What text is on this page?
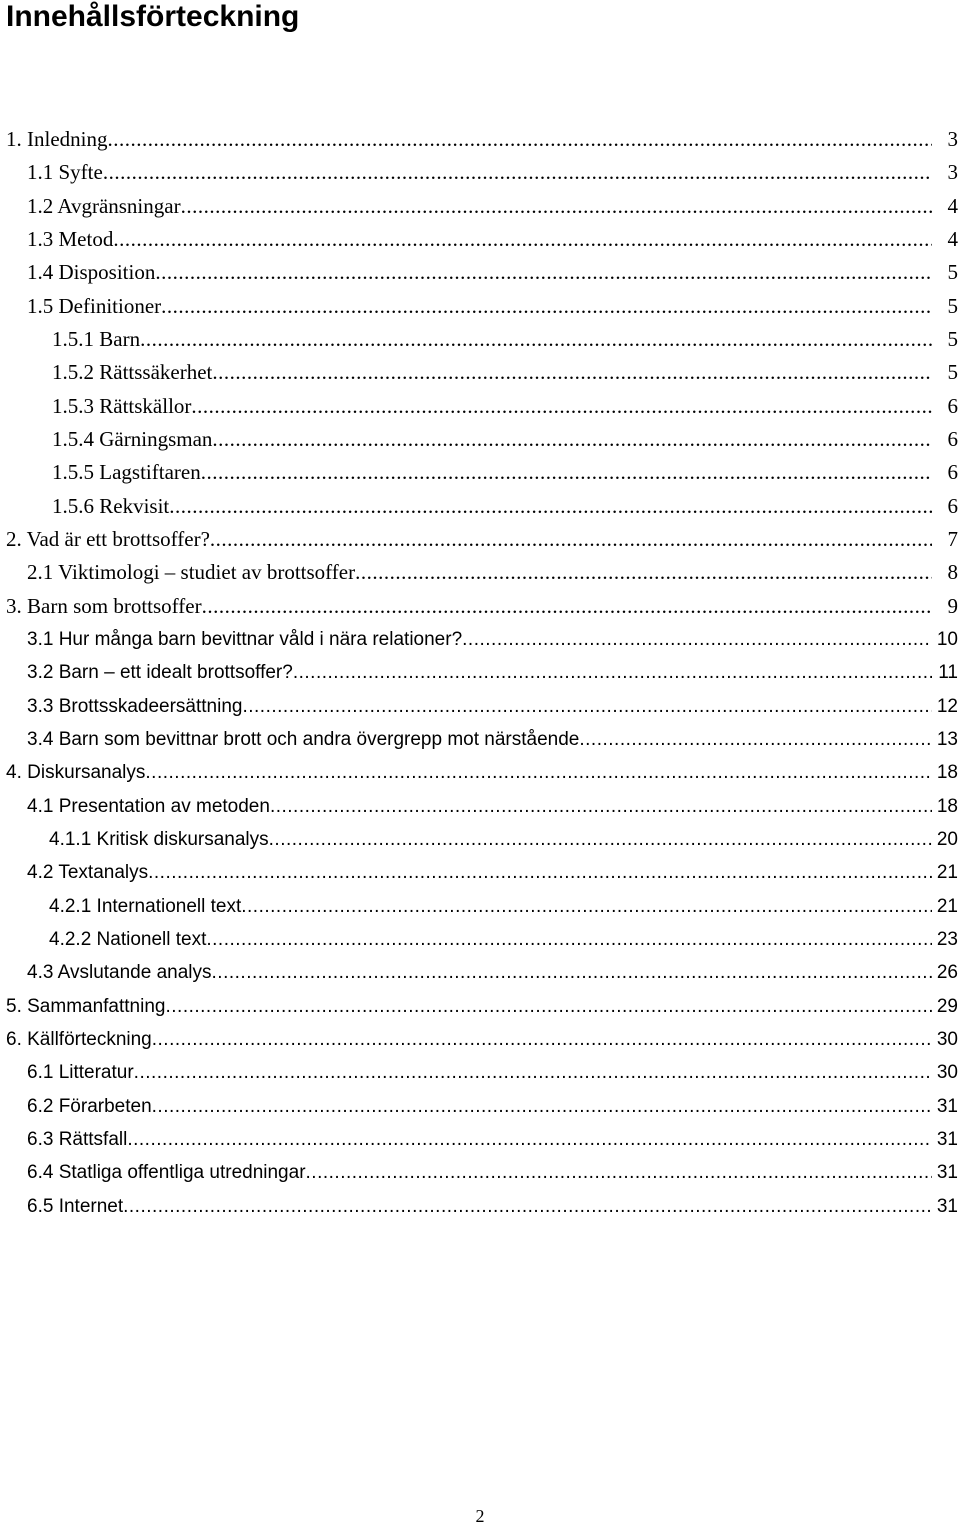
Innehållsförteckning
1. Inledning .....	3
1.1 Syfte .....	3
1.2 Avgränsningar .....	4
1.3 Metod .....	4
1.4 Disposition .....	5
1.5 Definitioner .....	5
1.5.1 Barn .....	5
1.5.2 Rättssäkerhet .....	5
1.5.3 Rättskällor .....	6
1.5.4 Gärningsman .....	6
1.5.5 Lagstiftaren .....	6
1.5.6 Rekvisit .....	6
2. Vad är ett brottsoffer? .....	7
2.1 Viktimologi – studiet av brottsoffer .....	8
3. Barn som brottsoffer .....	9
3.1 Hur många barn bevittnar våld i nära relationer? .....	10
3.2 Barn – ett idealt brottsoffer? .....	11
3.3 Brottsskadeersättning .....	12
3.4 Barn som bevittnar brott och andra övergrepp mot närstående .....	13
4. Diskursanalys .....	18
4.1 Presentation av metoden .....	18
4.1.1 Kritisk diskursanalys .....	20
4.2 Textanalys .....	21
4.2.1 Internationell text .....	21
4.2.2 Nationell text .....	23
4.3 Avslutande analys .....	26
5. Sammanfattning .....	29
6. Källförteckning .....	30
6.1 Litteratur .....	30
6.2 Förarbeten .....	31
6.3 Rättsfall .....	31
6.4 Statliga offentliga utredningar .....	31
6.5 Internet .....	31
2
